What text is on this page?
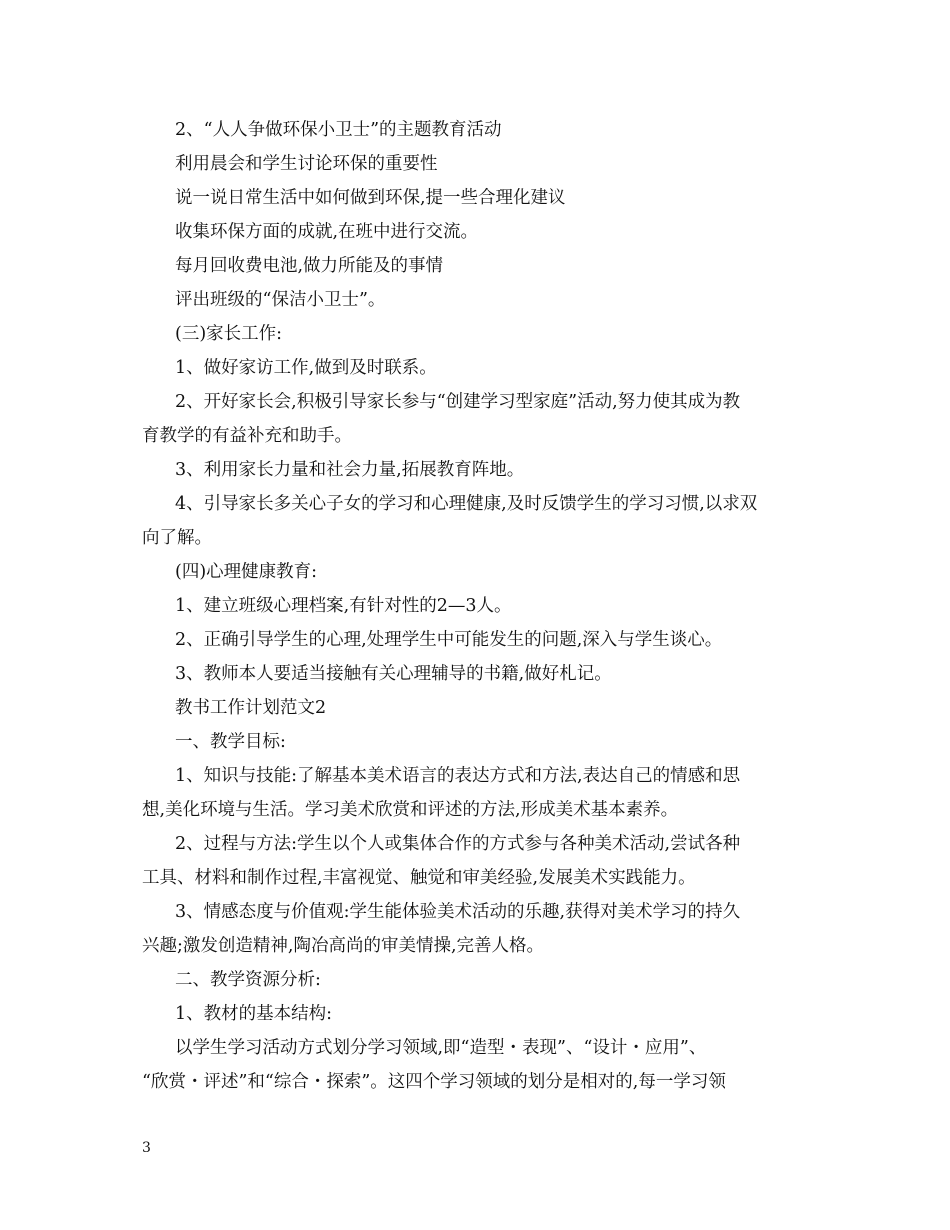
2、“人人争做环保小卫士”的主题教育活动
利用晨会和学生讨论环保的重要性
说一说日常生活中如何做到环保,提一些合理化建议
收集环保方面的成就,在班中进行交流。
每月回收费电池,做力所能及的事情
评出班级的“保洁小卫士”。
(三)家长工作:
1、做好家访工作,做到及时联系。
2、开好家长会,积极引导家长参与“创建学习型家庭”活动,努力使其成为教
育教学的有益补充和助手。
3、利用家长力量和社会力量,拓展教育阵地。
4、引导家长多关心子女的学习和心理健康,及时反馈学生的学习习惯,以求双
向了解。
(四)心理健康教育:
1、建立班级心理档案,有针对性的2—3人。
2、正确引导学生的心理,处理学生中可能发生的问题,深入与学生谈心。
3、教师本人要适当接触有关心理辅导的书籍,做好札记。
教书工作计划范文2
一、教学目标:
1、知识与技能:了解基本美术语言的表达方式和方法,表达自己的情感和思
想,美化环境与生活。学习美术欣赏和评述的方法,形成美术基本素养。
2、过程与方法:学生以个人或集体合作的方式参与各种美术活动,尝试各种
工具、材料和制作过程,丰富视觉、触觉和审美经验,发展美术实践能力。
3、情感态度与价值观:学生能体验美术活动的乐趣,获得对美术学习的持久
兴趣;激发创造精神,陶冶高尚的审美情操,完善人格。
二、教学资源分析:
1、教材的基本结构:
以学生学习活动方式划分学习领域,即“造型・表现”、“设计・应用”、
“欣赏・评述”和“综合・探索”。这四个学习领域的划分是相对的,每一学习领
3
